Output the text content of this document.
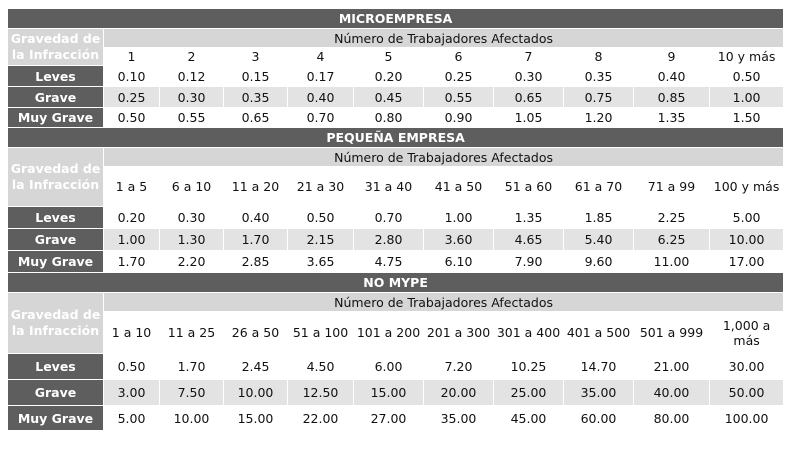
MICROEMPRESA										

Gravedad de
la Infracción	Número de Trabajadores Afectados									
	1	2	3	4	5	6	7	8	9	10 y más
Leves	0.10	0.12	0.15	0.17	0.20	0.25	0.30	0.35	0.40	0.50
Grave	0.25	0.30	0.35	0.40	0.45	0.55	0.65	0.75	0.85	1.00
Muy Grave	0.50	0.55	0.65	0.70	0.80	0.90	1.05	1.20	1.35	1.50
PEQUEÑA EMPRESA										

Gravedad de
la Infracción	Número de Trabajadores Afectados									
	1 a 5	6 a 10	11 a 20	21 a 30	31 a 40	41 a 50	51 a 60	61 a 70	71 a 99	100 y más
Leves	0.20	0.30	0.40	0.50	0.70	1.00	1.35	1.85	2.25	5.00
Grave	1.00	1.30	1.70	2.15	2.80	3.60	4.65	5.40	6.25	10.00
Muy Grave	1.70	2.20	2.85	3.65	4.75	6.10	7.90	9.60	11.00	17.00
NO MYPE										

Gravedad de
la Infracción	Número de Trabajadores Afectados									
	1 a 10	11 a 25	26 a 50	51 a 100	101 a 200	201 a 300	301 a 400	401 a 500	501 a 999	1,000 a más
Leves	0.50	1.70	2.45	4.50	6.00	7.20	10.25	14.70	21.00	30.00
Grave	3.00	7.50	10.00	12.50	15.00	20.00	25.00	35.00	40.00	50.00
Muy Grave	5.00	10.00	15.00	22.00	27.00	35.00	45.00	60.00	80.00	100.00
